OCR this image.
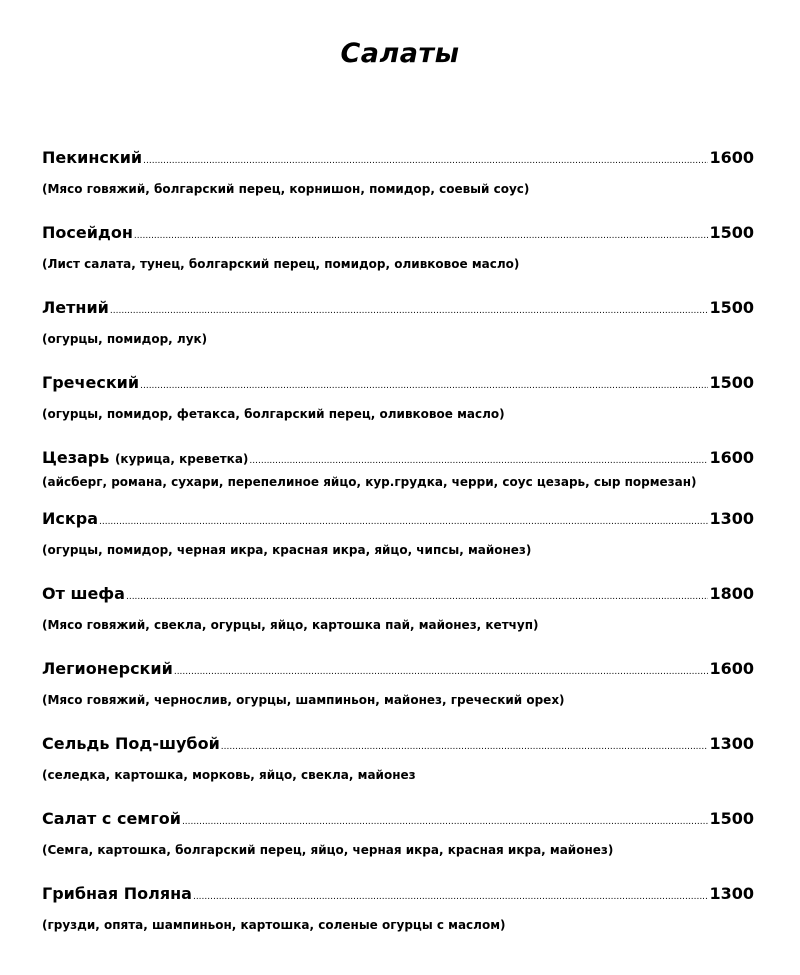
Салаты
Пекинский .....	1600
(Мясо говяжий, болгарский перец, корнишон, помидор, соевый соус)
Посейдон .....	1500
(Лист салата, тунец, болгарский перец, помидор, оливковое масло)
Летний .....	1500
(огурцы, помидор, лук)
Греческий .....	1500
(огурцы, помидор, фетакса, болгарский перец, оливковое масло)
Цезарь (курица, креветка) .....	1600
(айсберг, романа, сухари, перепелиное яйцо, кур.грудка, черри, соус цезарь, сыр пормезан)
Искра .....	1300
(огурцы, помидор, черная икра, красная икра, яйцо, чипсы, майонез)
От шефа .....	1800
(Мясо говяжий, свекла, огурцы, яйцо, картошка пай, майонез, кетчуп)
Легионерский .....	1600
(Мясо говяжий, чернослив, огурцы, шампиньон, майонез, греческий орех)
Сельдь Под-шубой .....	1300
(селедка, картошка, морковь, яйцо, свекла, майонез
Салат с семгой .....	1500
(Семга, картошка, болгарский перец, яйцо, черная икра, красная икра, майонез)
Грибная Поляна .....	1300
(грузди, опята, шампиньон, картошка, соленые огурцы с маслом)
